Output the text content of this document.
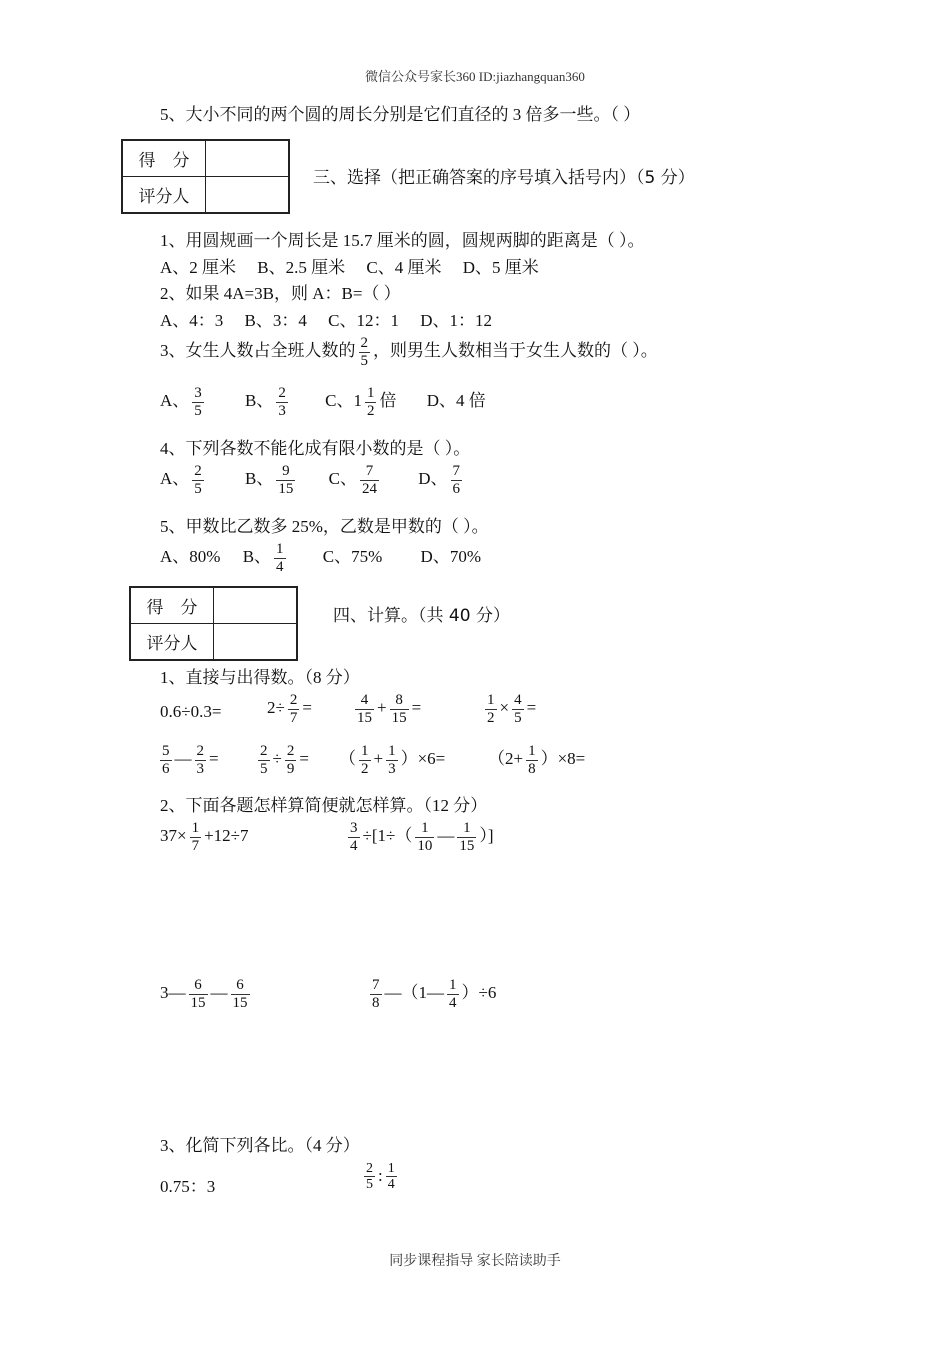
微信公众号家长360 ID:jiazhangquan360
5、大小不同的两个圆的周长分别是它们直径的 3 倍多一些。（ ）
得　分	
评分人	
三、选择（把正确答案的序号填入括号内）（5 分）
1、用圆规画一个周长是 15.7 厘米的圆，圆规两脚的距离是（ ）。
A、2 厘米　 B、2.5 厘米　 C、4 厘米　 D、5 厘米
2、如果 4A=3B，则 A：B=（ ）
A、4：3　 B、3：4　 C、12：1　 D、1：12
3、女生人数占全班人数的 $\frac{2}{5}$ ，则男生人数相当于女生人数的（ ）。
A、 $\frac{3}{5}$ B、 $\frac{2}{3}$ C、$1 \frac{1}{2}$ 倍 D、4 倍
4、下列各数不能化成有限小数的是（ ）。
A、 $\frac{2}{5}$ B、 $\frac{9}{15}$ C、 $\frac{7}{24}$ D、 $\frac{7}{6}$
5、甲数比乙数多 25%，乙数是甲数的（ ）。
A、80% B、 $\frac{1}{4}$ C、75% D、70%
得　分	
评分人	
四、计算。（共 40 分）
1、直接与出得数。（8 分）
0.6÷0.3=	$2\div \frac{2}{7}$ =	$\frac{4}{15} + \frac{8}{15}$ =	$\frac{1}{2} \times \frac{4}{5}$ =
$\frac{5}{6}$ — $\frac{2}{3}$ =	$\frac{2}{5} \div \frac{2}{9}$ = （ $\frac{1}{2} + \frac{1}{3} )\times 6=$	$(2+ \frac{1}{8} )\times 8=$
2、下面各题怎样算简便就怎样算。（12 分）
$37\times \frac{1}{7} +12\div 7$	$\frac{3}{4} \div[1\div( \frac{1}{10}$ — $\frac{1}{15}$ ）]
3— $\frac{6}{15}$ — $\frac{6}{15}$	$\frac{7}{8}$ —（1— $\frac{1}{4} )\div 6$
3、化简下列各比。（4 分）
0.75：3	$\frac{2}{5}$ : $\frac{1}{4}$
同步课程指导 家长陪读助手
